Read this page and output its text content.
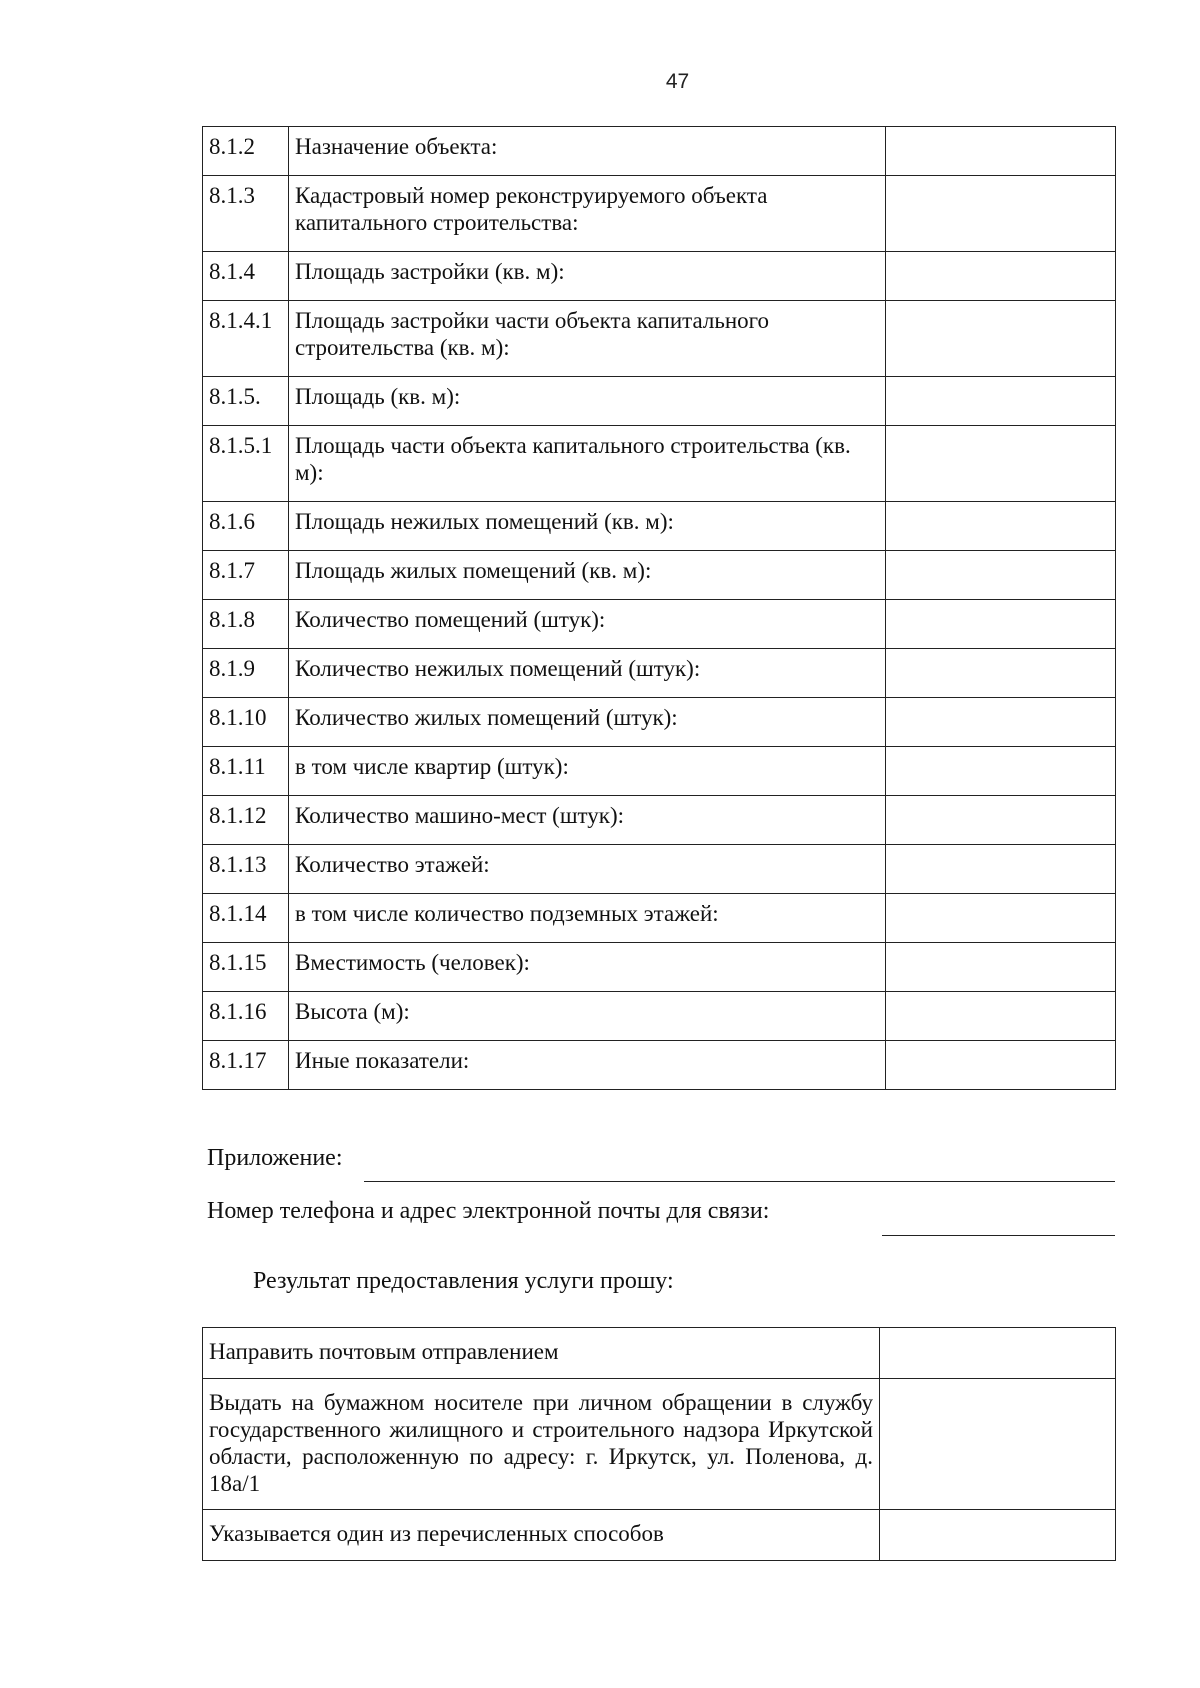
47
8.1.2	Назначение объекта:	
8.1.3	Кадастровый номер реконструируемого объекта капитального строительства:	
8.1.4	Площадь застройки (кв. м):	
8.1.4.1	Площадь застройки части объекта капитального строительства (кв. м):	
8.1.5.	Площадь (кв. м):	
8.1.5.1	Площадь части объекта капитального строительства (кв. м):	
8.1.6	Площадь нежилых помещений (кв. м):	
8.1.7	Площадь жилых помещений (кв. м):	
8.1.8	Количество помещений (штук):	
8.1.9	Количество нежилых помещений (штук):	
8.1.10	Количество жилых помещений (штук):	
8.1.11	в том числе квартир (штук):	
8.1.12	Количество машино-мест (штук):	
8.1.13	Количество этажей:	
8.1.14	в том числе количество подземных этажей:	
8.1.15	Вместимость (человек):	
8.1.16	Высота (м):	
8.1.17	Иные показатели:	
Приложение:
Номер телефона и адрес электронной почты для связи:
Результат предоставления услуги прошу:
Направить почтовым отправлением	
Выдать на бумажном носителе при личном обращении в службу государственного жилищного и строительного надзора Иркутской области, расположенную по адресу: г. Иркутск, ул. Поленова, д. 18а/1	
Указывается один из перечисленных способов	
